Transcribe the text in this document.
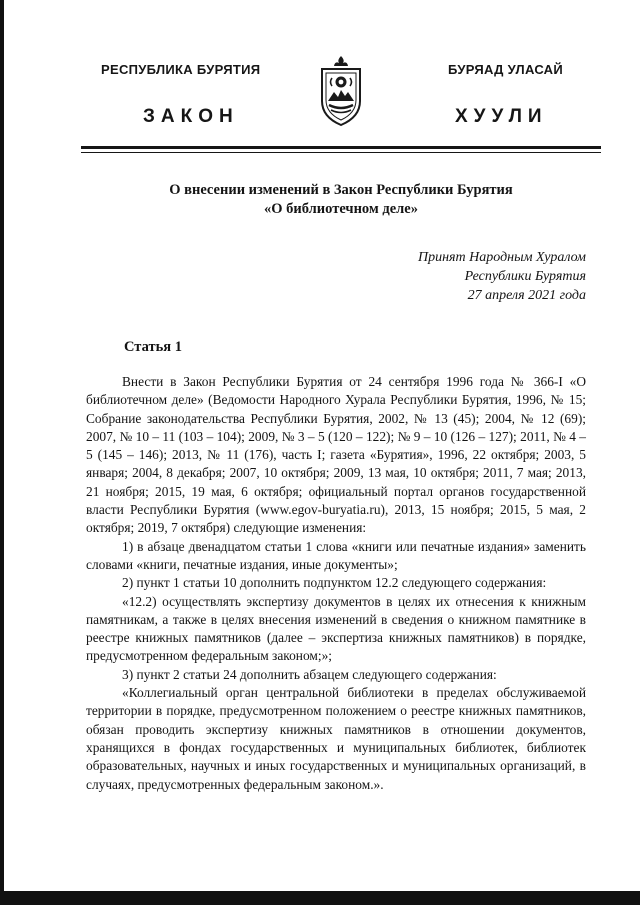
РЕСПУБЛИКА БУРЯТИЯ	БУРЯАД УЛАСАЙ
ЗАКОН	ХУУЛИ
О внесении изменений в Закон Республики Бурятия
«О библиотечном деле»
Принят Народным Хуралом
Республики Бурятия
27 апреля 2021 года
Статья 1

Внести в Закон Республики Бурятия от 24 сентября 1996 года № 366-I «О библиотечном деле» (Ведомости Народного Хурала Республики Бурятия, 1996, № 15; Собрание законодательства Республики Бурятия, 2002, № 13 (45); 2004, № 12 (69); 2007, № 10 – 11 (103 – 104); 2009, № 3 – 5 (120 – 122); № 9 – 10 (126 – 127); 2011, № 4 – 5 (145 – 146); 2013, № 11 (176), часть I; газета «Бурятия», 1996, 22 октября; 2003, 5 января; 2004, 8 декабря; 2007, 10 октября; 2009, 13 мая, 10 октября; 2011, 7 мая; 2013, 21 ноября; 2015, 19 мая, 6 октября; официальный портал органов государственной власти Республики Бурятия (www.egov-buryatia.ru), 2013, 15 ноября; 2015, 5 мая, 2 октября; 2019, 7 октября) следующие изменения:

1) в абзаце двенадцатом статьи 1 слова «книги или печатные издания» заменить словами «книги, печатные издания, иные документы»;

2) пункт 1 статьи 10 дополнить подпунктом 12.2 следующего содержания:

«12.2) осуществлять экспертизу документов в целях их отнесения к книжным памятникам, а также в целях внесения изменений в сведения о книжном памятнике в реестре книжных памятников (далее – экспертиза книжных памятников) в порядке, предусмотренном федеральным законом;»;

3) пункт 2 статьи 24 дополнить абзацем следующего содержания:

«Коллегиальный орган центральной библиотеки в пределах обслуживаемой территории в порядке, предусмотренном положением о реестре книжных памятников, обязан проводить экспертизу книжных памятников в отношении документов, хранящихся в фондах государственных и муниципальных библиотек, библиотек образовательных, научных и иных государственных и муниципальных организаций, в случаях, предусмотренных федеральным законом.».
